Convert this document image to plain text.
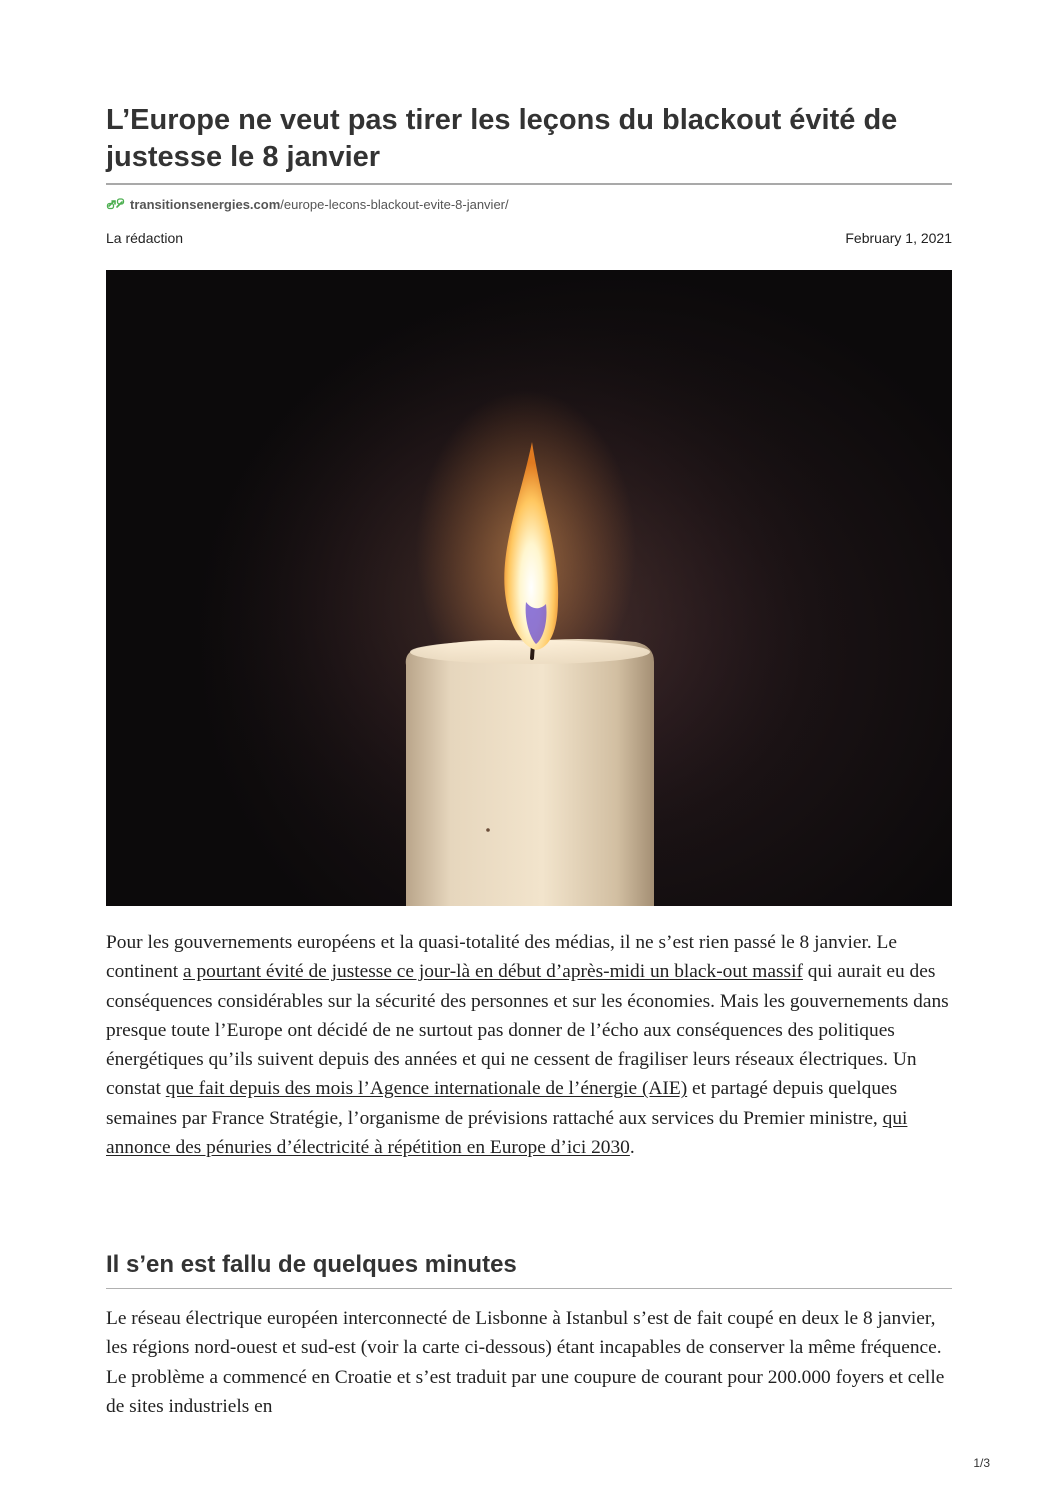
L’Europe ne veut pas tirer les leçons du blackout évité de justesse le 8 janvier
transitionsenergies.com/europe-lecons-blackout-evite-8-janvier/
La rédaction	February 1, 2021

Pour les gouvernements européens et la quasi-totalité des médias, il ne s’est rien passé le 8 janvier. Le continent a pourtant évité de justesse ce jour-là en début d’après-midi un black-out massif qui aurait eu des conséquences considérables sur la sécurité des personnes et sur les économies. Mais les gouvernements dans presque toute l’Europe ont décidé de ne surtout pas donner de l’écho aux conséquences des politiques énergétiques qu’ils suivent depuis des années et qui ne cessent de fragiliser leurs réseaux électriques. Un constat que fait depuis des mois l’Agence internationale de l’énergie (AIE) et partagé depuis quelques semaines par France Stratégie, l’organisme de prévisions rattaché aux services du Premier ministre, qui annonce des pénuries d’électricité à répétition en Europe d’ici 2030.

Il s’en est fallu de quelques minutes

Le réseau électrique européen interconnecté de Lisbonne à Istanbul s’est de fait coupé en deux le 8 janvier, les régions nord-ouest et sud-est (voir la carte ci-dessous) étant incapables de conserver la même fréquence. Le problème a commencé en Croatie et s’est traduit par une coupure de courant pour 200.000 foyers et celle de sites industriels en

1/3
